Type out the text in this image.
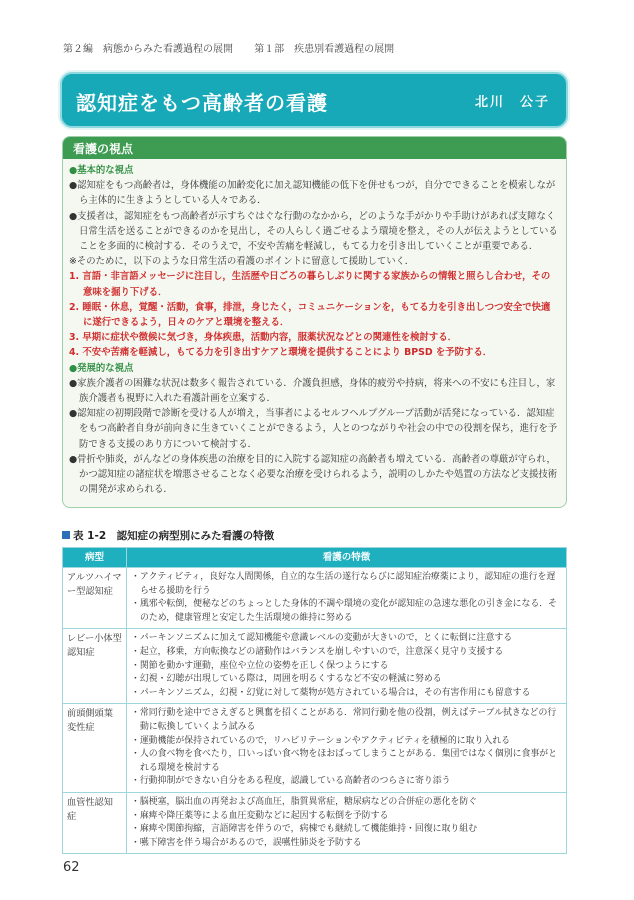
第２編　病態からみた看護過程の展開 第１部　疾患別看護過程の展開
認知症をもつ高齢者の看護	北川　公子
看護の視点
●基本的な視点
●認知症をもつ高齢者は，身体機能の加齢変化に加え認知機能の低下を併せもつが，自分でできることを模索しながら主体的に生きようとしている人々である．
●支援者は，認知症をもつ高齢者が示すちぐはぐな行動のなかから，どのような手がかりや手助けがあれば支障なく日常生活を送ることができるのかを見出し，その人らしく過ごせるよう環境を整え，その人が伝えようとしていることを多面的に検討する．そのうえで，不安や苦痛を軽減し，もてる力を引き出していくことが重要である．
※そのために，以下のような日常生活の看護のポイントに留意して援助していく．
1. 言語・非言語メッセージに注目し，生活歴や日ごろの暮らしぶりに関する家族からの情報と照らし合わせ，その意味を掘り下げる．
2. 睡眠・休息，覚醒・活動，食事，排泄，身じたく，コミュニケーションを，もてる力を引き出しつつ安全で快適に遂行できるよう，日々のケアと環境を整える．
3. 早期に症状や徴候に気づき，身体疾患，活動内容，服薬状況などとの関連性を検討する．
4. 不安や苦痛を軽減し，もてる力を引き出すケアと環境を提供することにより BPSD を予防する．
●発展的な視点
●家族介護者の困難な状況は数多く報告されている．介護負担感，身体的疲労や持病，将来への不安にも注目し，家族介護者も視野に入れた看護計画を立案する．
●認知症の初期段階で診断を受ける人が増え，当事者によるセルフヘルプグループ活動が活発になっている．認知症をもつ高齢者自身が前向きに生きていくことができるよう，人とのつながりや社会の中での役割を保ち，進行を予防できる支援のあり方について検討する．
●骨折や肺炎，がんなどの身体疾患の治療を目的に入院する認知症の高齢者も増えている．高齢者の尊厳が守られ，かつ認知症の諸症状を増悪させることなく必要な治療を受けられるよう，説明のしかたや処置の方法など支援技術の開発が求められる．
表 1-2　認知症の病型別にみた看護の特徴
病型	看護の特徴
アルツハイマー型認知症	・アクティビティ，良好な人間関係，自立的な生活の遂行ならびに認知症治療薬により，認知症の進行を遅らせる援助を行う
・風邪や転倒，便秘などのちょっとした身体的不調や環境の変化が認知症の急速な悪化の引き金になる．そのため，健康管理と安定した生活環境の維持に努める

レビー小体型認知症	・パーキンソニズムに加えて認知機能や意識レベルの変動が大きいので，とくに転倒に注意する
・起立，移乗，方向転換などの諸動作はバランスを崩しやすいので，注意深く見守り支援する
・関節を動かす運動，座位や立位の姿勢を正しく保つようにする
・幻視・幻聴が出現している際は，周囲を明るくするなど不安の軽減に努める
・パーキンソニズム，幻視・幻覚に対して薬物が処方されている場合は，その有害作用にも留意する

前頭側頭葉変性症	・常同行動を途中でさえぎると興奮を招くことがある．常同行動を他の役割，例えばテーブル拭きなどの行動に転換していくよう試みる
・運動機能が保持されているので，リハビリテーションやアクティビティを積極的に取り入れる
・人の食べ物を食べたり，口いっぱい食べ物をほおばってしまうことがある．集団ではなく個別に食事がとれる環境を検討する
・行動抑制ができない自分をある程度，認識している高齢者のつらさに寄り添う

血管性認知症	・脳梗塞，脳出血の再発および高血圧，脂質異常症，糖尿病などの合併症の悪化を防ぐ
・麻痺や降圧薬等による血圧変動などに起因する転倒を予防する
・麻痺や関節拘縮，言語障害を伴うので，病棟でも継続して機能維持・回復に取り組む
・嚥下障害を伴う場合があるので，誤嚥性肺炎を予防する
62
